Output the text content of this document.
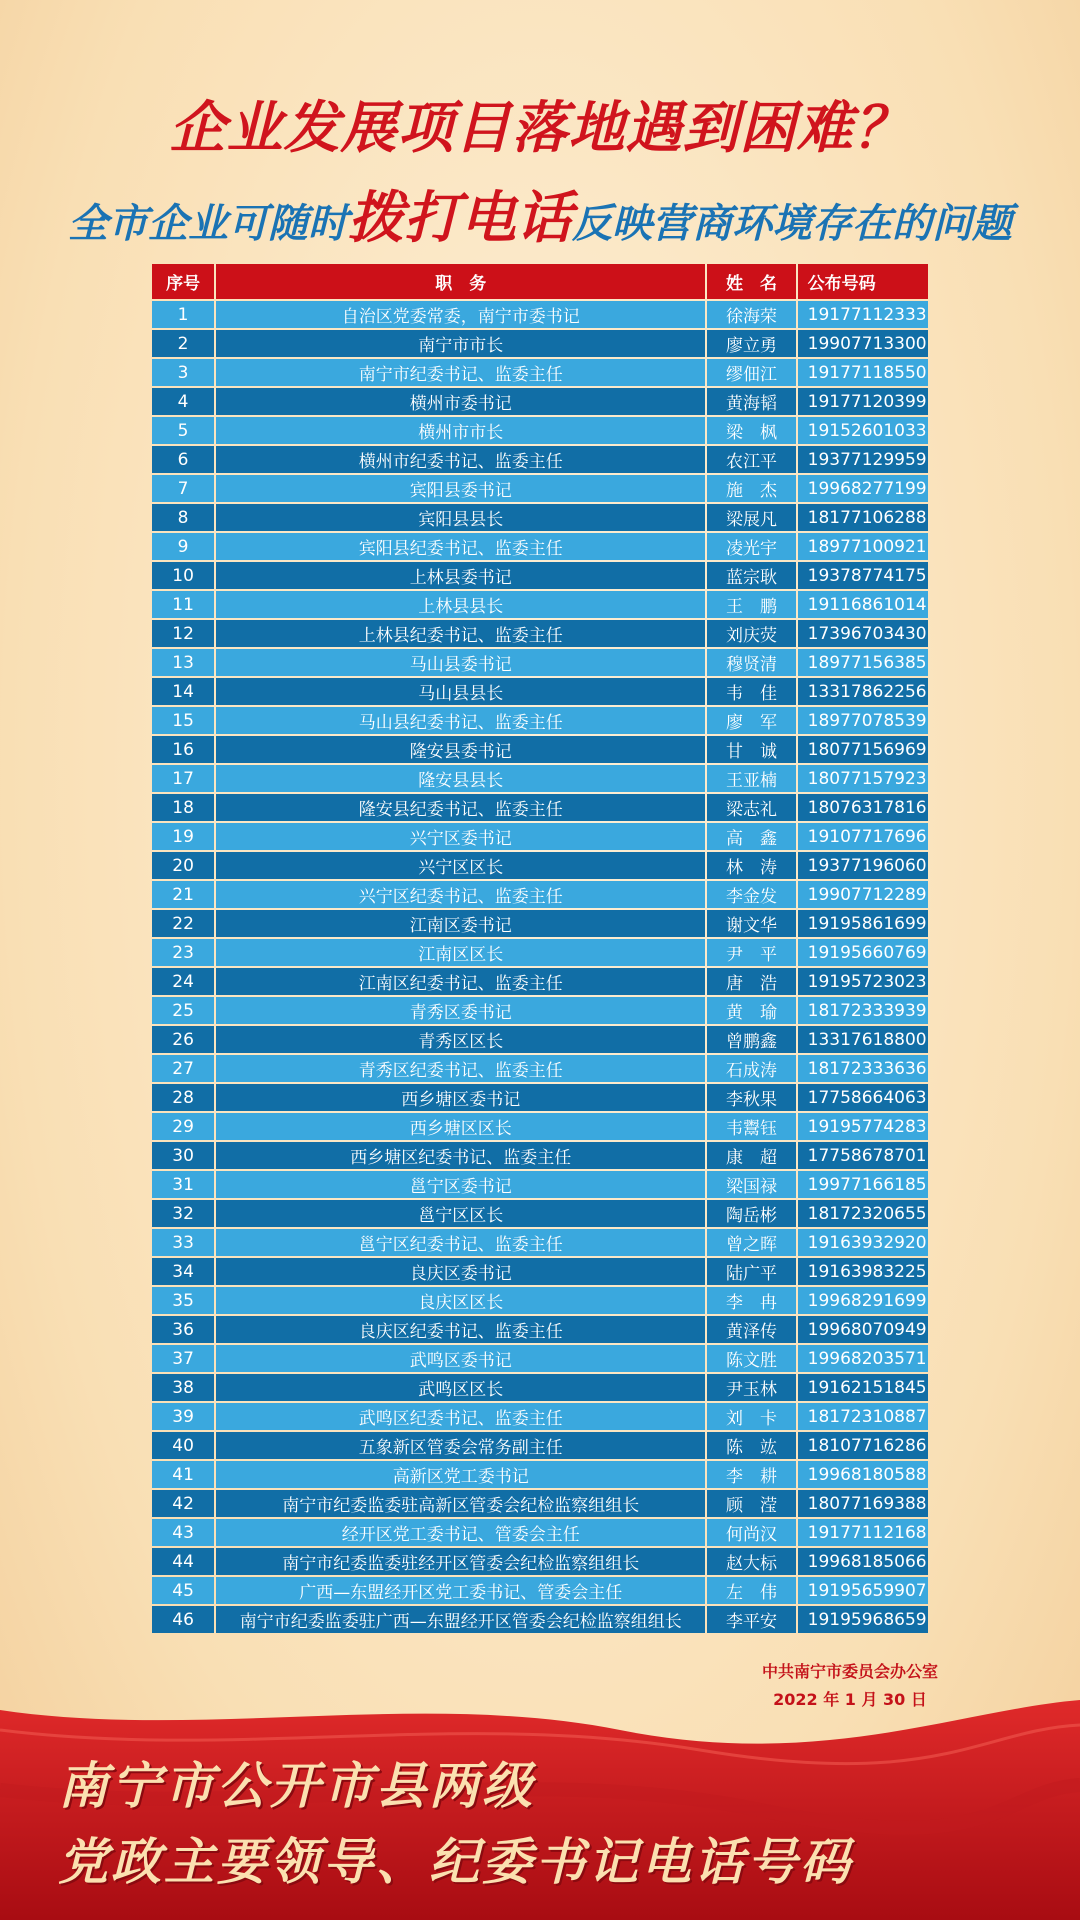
企业发展项目落地遇到困难？
全市企业可随时拨打电话反映营商环境存在的问题
序号	职　务	姓　名	公布号码
1	自治区党委常委，南宁市委书记	徐海荣	19177112333
2	南宁市市长	廖立勇	19907713300
3	南宁市纪委书记、监委主任	缪佃江	19177118550
4	横州市委书记	黄海韬	19177120399
5	横州市市长	梁　枫	19152601033
6	横州市纪委书记、监委主任	农江平	19377129959
7	宾阳县委书记	施　杰	19968277199
8	宾阳县县长	梁展凡	18177106288
9	宾阳县纪委书记、监委主任	凌光宇	18977100921
10	上林县委书记	蓝宗耿	19378774175
11	上林县县长	王　鹏	19116861014
12	上林县纪委书记、监委主任	刘庆荧	17396703430
13	马山县委书记	穆贤清	18977156385
14	马山县县长	韦　佳	13317862256
15	马山县纪委书记、监委主任	廖　军	18977078539
16	隆安县委书记	甘　诚	18077156969
17	隆安县县长	王亚楠	18077157923
18	隆安县纪委书记、监委主任	梁志礼	18076317816
19	兴宁区委书记	高　鑫	19107717696
20	兴宁区区长	林　涛	19377196060
21	兴宁区纪委书记、监委主任	李金发	19907712289
22	江南区委书记	谢文华	19195861699
23	江南区区长	尹　平	19195660769
24	江南区纪委书记、监委主任	唐　浩	19195723023
25	青秀区委书记	黄　瑜	18172333939
26	青秀区区长	曾鹏鑫	13317618800
27	青秀区纪委书记、监委主任	石成涛	18172333636
28	西乡塘区委书记	李秋果	17758664063
29	西乡塘区区长	韦鬻钰	19195774283
30	西乡塘区纪委书记、监委主任	康　超	17758678701
31	邕宁区委书记	梁国禄	19977166185
32	邕宁区区长	陶岳彬	18172320655
33	邕宁区纪委书记、监委主任	曾之晖	19163932920
34	良庆区委书记	陆广平	19163983225
35	良庆区区长	李　冉	19968291699
36	良庆区纪委书记、监委主任	黄泽传	19968070949
37	武鸣区委书记	陈文胜	19968203571
38	武鸣区区长	尹玉林	19162151845
39	武鸣区纪委书记、监委主任	刘　卡	18172310887
40	五象新区管委会常务副主任	陈　竑	18107716286
41	高新区党工委书记	李　耕	19968180588
42	南宁市纪委监委驻高新区管委会纪检监察组组长	顾　滢	18077169388
43	经开区党工委书记、管委会主任	何尚汉	19177112168
44	南宁市纪委监委驻经开区管委会纪检监察组组长	赵大标	19968185066
45	广西—东盟经开区党工委书记、管委会主任	左　伟	19195659907
46	南宁市纪委监委驻广西—东盟经开区管委会纪检监察组组长	李平安	19195968659
中共南宁市委员会办公室
2022 年 1 月 30 日
南宁市公开市县两级
党政主要领导、纪委书记电话号码
